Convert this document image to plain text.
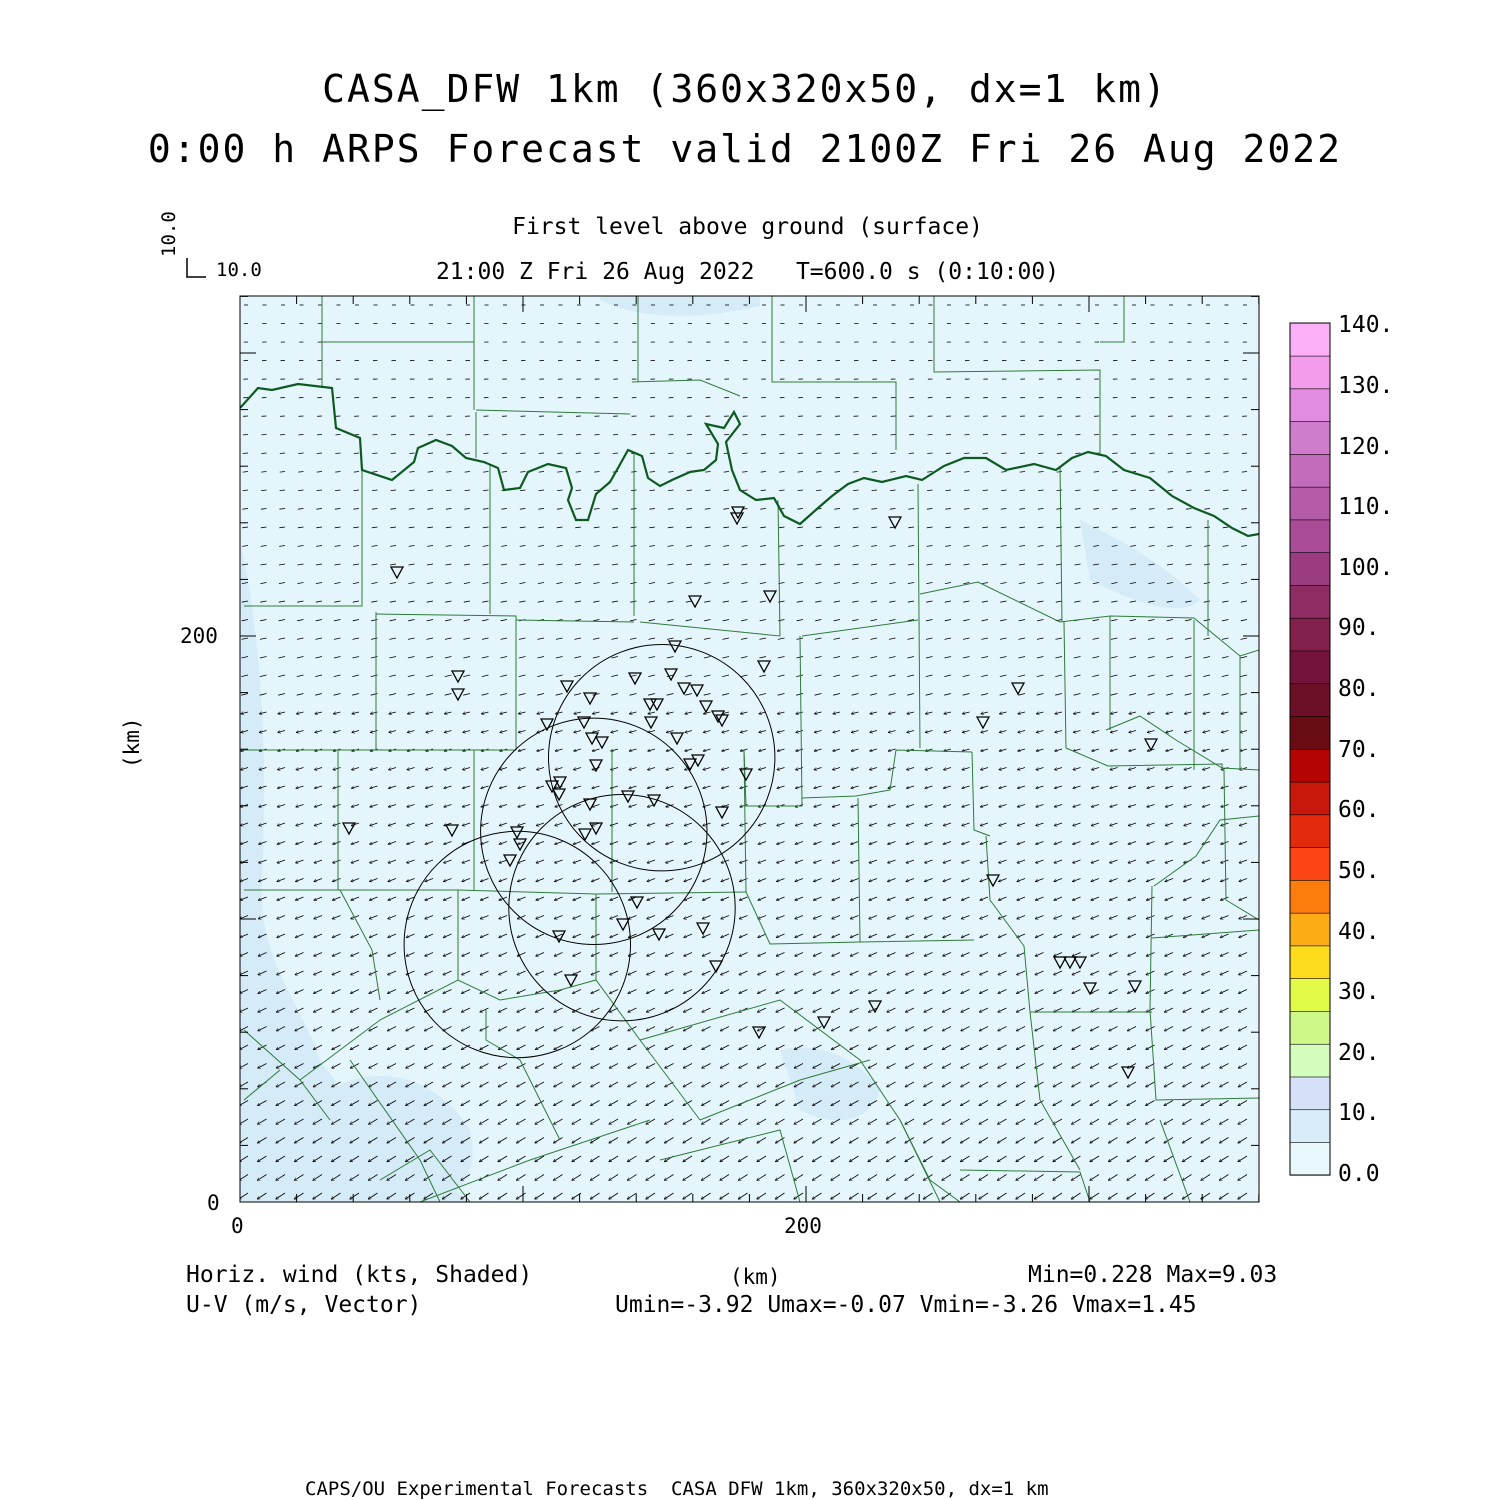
CASA_DFW 1km (360x320x50, dx=1 km)
0:00 h ARPS Forecast valid 2100Z Fri 26 Aug 2022
First level above ground (surface)
21:00 Z Fri 26 Aug 2022   T=600.0 s (0:10:00)
10.0
10.0
200
0
0	200
(km)
(km)
0.0
10.
20.
30.
40.
50.
60.
70.
80.
90.
100.
110.
120.
130.
140.
Horiz. wind (kts, Shaded)
U-V (m/s, Vector)
Min=0.228 Max=9.03
Umin=-3.92 Umax=-0.07 Vmin=-3.26 Vmax=1.45
CAPS/OU Experimental Forecasts  CASA DFW 1km, 360x320x50, dx=1 km
